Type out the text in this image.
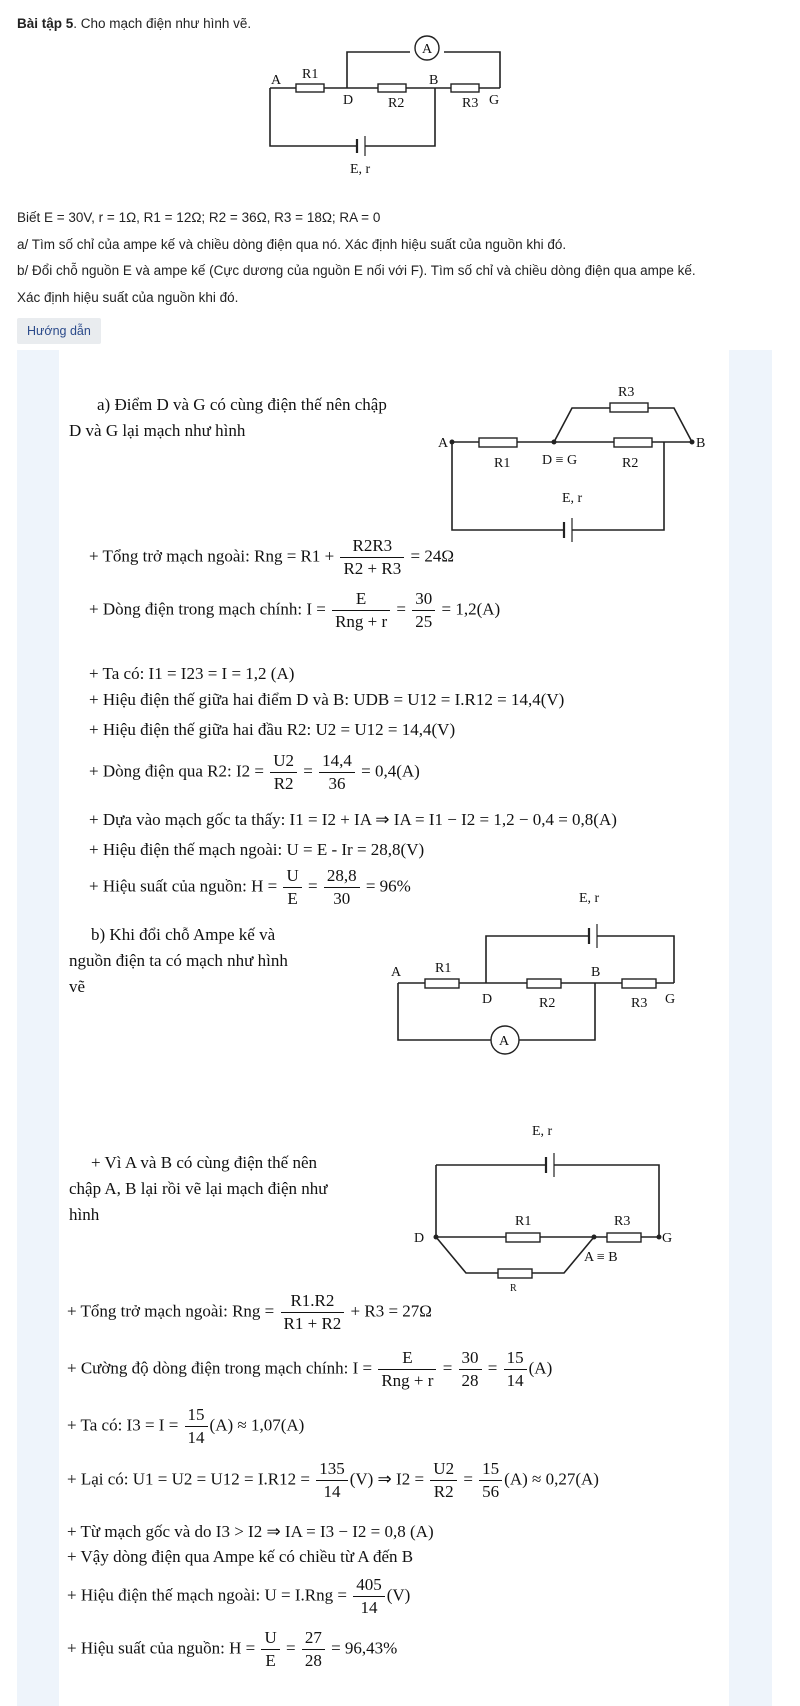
Bài tập 5. Cho mạch điện như hình vẽ.

Biết E = 30V, r = 1Ω, R1 = 12Ω; R2 = 36Ω, R3 = 18Ω; RA = 0

a/ Tìm số chỉ của ampe kế và chiều dòng điện qua nó. Xác định hiệu suất của nguồn khi đó.

b/ Đổi chỗ nguồn E và ampe kế (Cực dương của nguồn E nối với F). Tìm số chỉ và chiều dòng điện qua ampe kế.

Xác định hiệu suất của nguồn khi đó.

A
A R1
D R2
B
R3 G
E, r
Hướng dẫn
a) Điểm D và G có cùng điện thế nên chập D và G lại mạch như hình
A	B
R3
R1 D ≡ G	R2
E, r
+ Tổng trở mạch ngoài: Rng = $R1 + \frac{R2R3}{R2 + R3} = 24\Omega$
+ Dòng điện trong mạch chính: I =
E
Rng + r
= $\frac{30}{25} = 1,2(A)$
+ Ta có: I1 = I23 = I = 1,2 (A)
+ Hiệu điện thế giữa hai điểm D và B: UDB = U12 = I.R12 = 14,4(V)
+ Hiệu điện thế giữa hai đầu R2: U2 = U12 = 14,4(V)
+ Dòng điện qua R2: $I2 = \frac{U2}{R2} = \frac{14,4}{36} = 0,4(A)$
+ Dựa vào mạch gốc ta thấy: I1 = I2 + IA ⇒ IA = I1 − I2 = 1,2 − 0,4 = 0,8(A)
+ Hiệu điện thế mạch ngoài: U = E - Ir = 28,8(V)
+ Hiệu suất của nguồn: $H = \frac{U}{E} = \frac{28,8}{30} = 96\%$
b) Khi đổi chỗ Ampe kế và nguồn điện ta có mạch như hình vẽ
A
E, r
A R1
D	R2
B
R3 G
+ Vì A và B có cùng điện thế nên chập A, B lại rồi vẽ lại mạch điện như hình
E, r
D
R1	R3
G
A ≡ B
R
+ Tổng trở mạch ngoài: Rng = $\frac{R1.R2}{R1 + R2} + R3 = 27\Omega$
+ Cường độ dòng điện trong mạch chính: I =
E
Rng + r
= $\frac{30}{28} = \frac{15}{14} (A)$
+ Ta có: $I3 = I = \frac{15}{14} (A) \approx 1,07(A)$
+ Lại có: $U1 = U2 = U12 = I.R12 = \frac{135}{14} (V)$ ⇒ $I2 = \frac{U2}{R2} = \frac{15}{56} (A) \approx 0,27(A)$
+ Từ mạch gốc và do I3 > I2 ⇒ IA = I3 − I2 = 0,8 (A)
+ Vậy dòng điện qua Ampe kế có chiều từ A đến B
+ Hiệu điện thế mạch ngoài: $U = I.Rng = \frac{405}{14} (V)$
+ Hiệu suất của nguồn: $H = \frac{U}{E} = \frac{27}{28} = 96,43\%$
